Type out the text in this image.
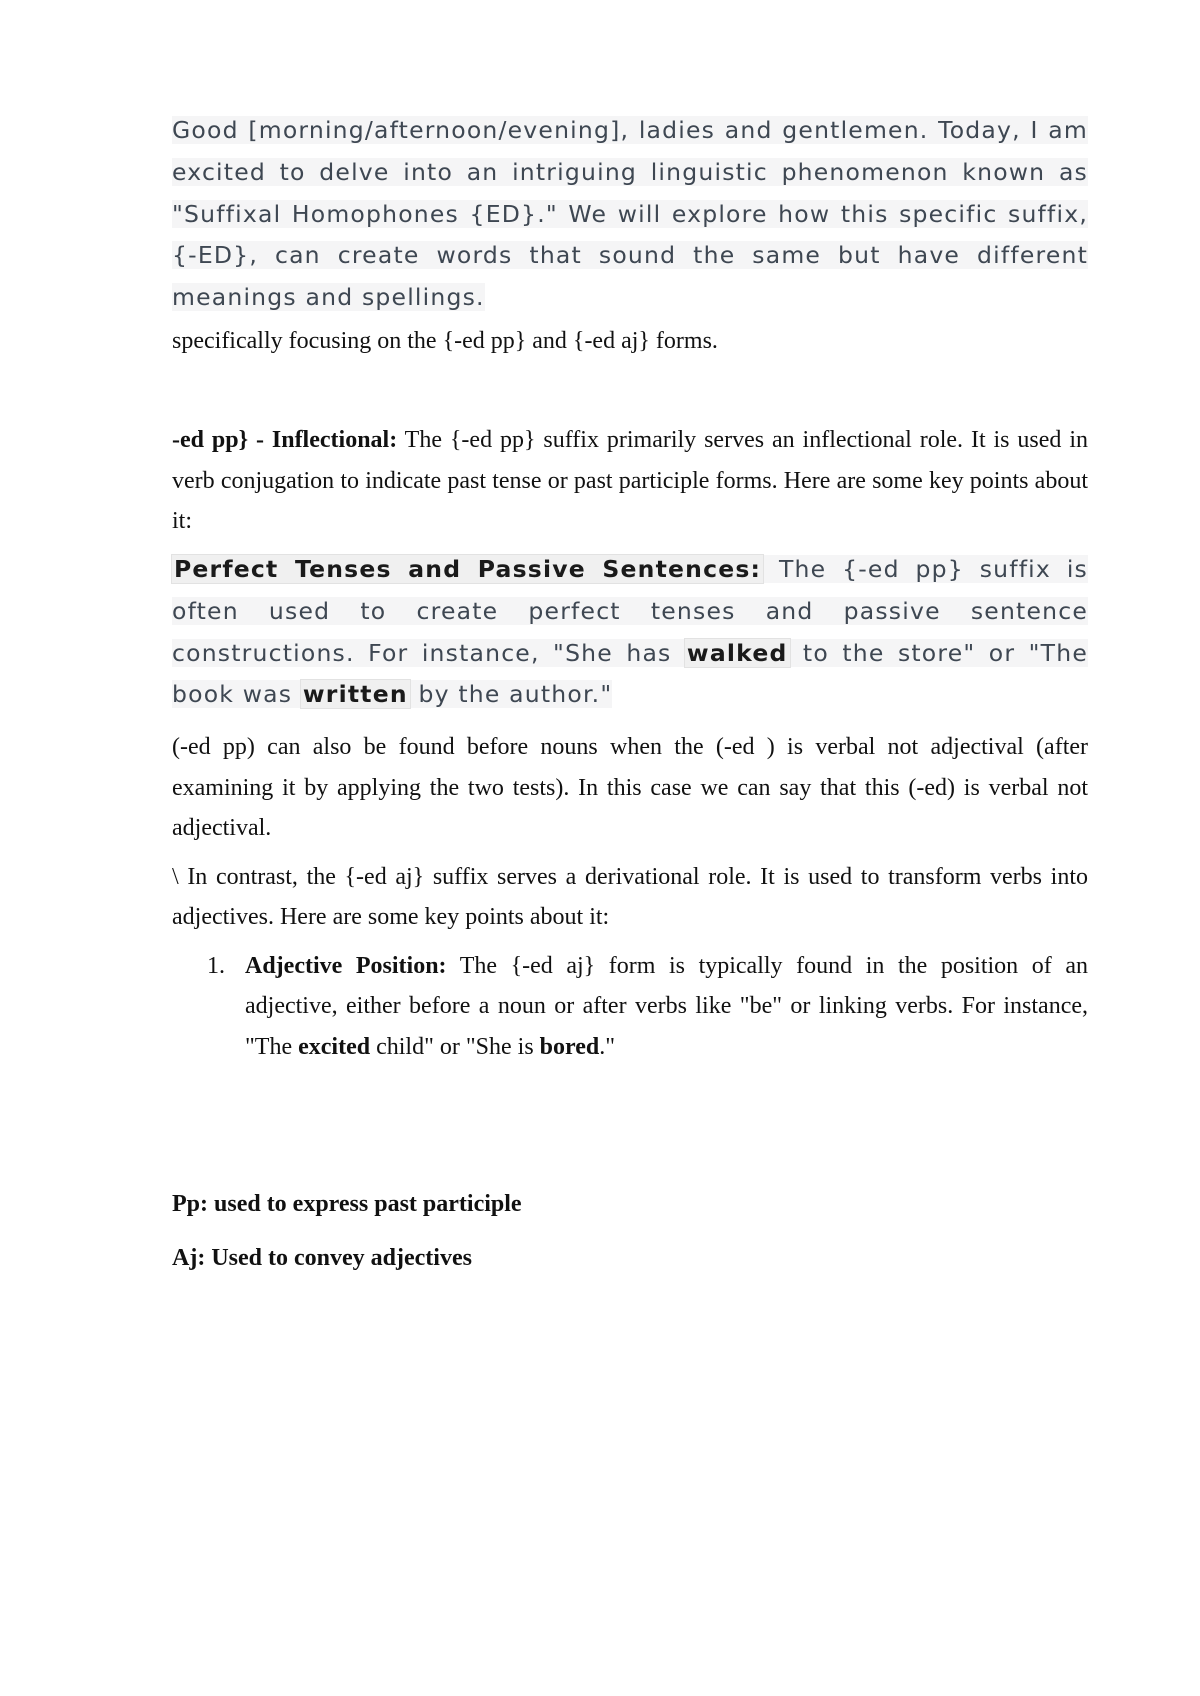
Good [morning/afternoon/evening], ladies and gentlemen. Today, I am excited to delve into an intriguing linguistic phenomenon known as "Suffixal Homophones {ED}." We will explore how this specific suffix, {-ED}, can create words that sound the same but have different meanings and spellings.

specifically focusing on the {-ed pp} and {-ed aj} forms.

-ed pp} - Inflectional: The {-ed pp} suffix primarily serves an inflectional role. It is used in verb conjugation to indicate past tense or past participle forms. Here are some key points about it:

Perfect Tenses and Passive Sentences: The {-ed pp} suffix is often used to create perfect tenses and passive sentence constructions. For instance, "She has walked to the store" or "The book was written by the author."

(-ed pp) can also be found before nouns when the (-ed ) is verbal not adjectival (after examining it by applying the two tests). In this case we can say that this (-ed) is verbal not adjectival.

\ In contrast, the {-ed aj} suffix serves a derivational role. It is used to transform verbs into adjectives. Here are some key points about it:

1. Adjective Position: The {-ed aj} form is typically found in the position of an adjective, either before a noun or after verbs like "be" or linking verbs. For instance, "The excited child" or "She is bored."

Pp: used to express past participle

Aj: Used to convey adjectives
